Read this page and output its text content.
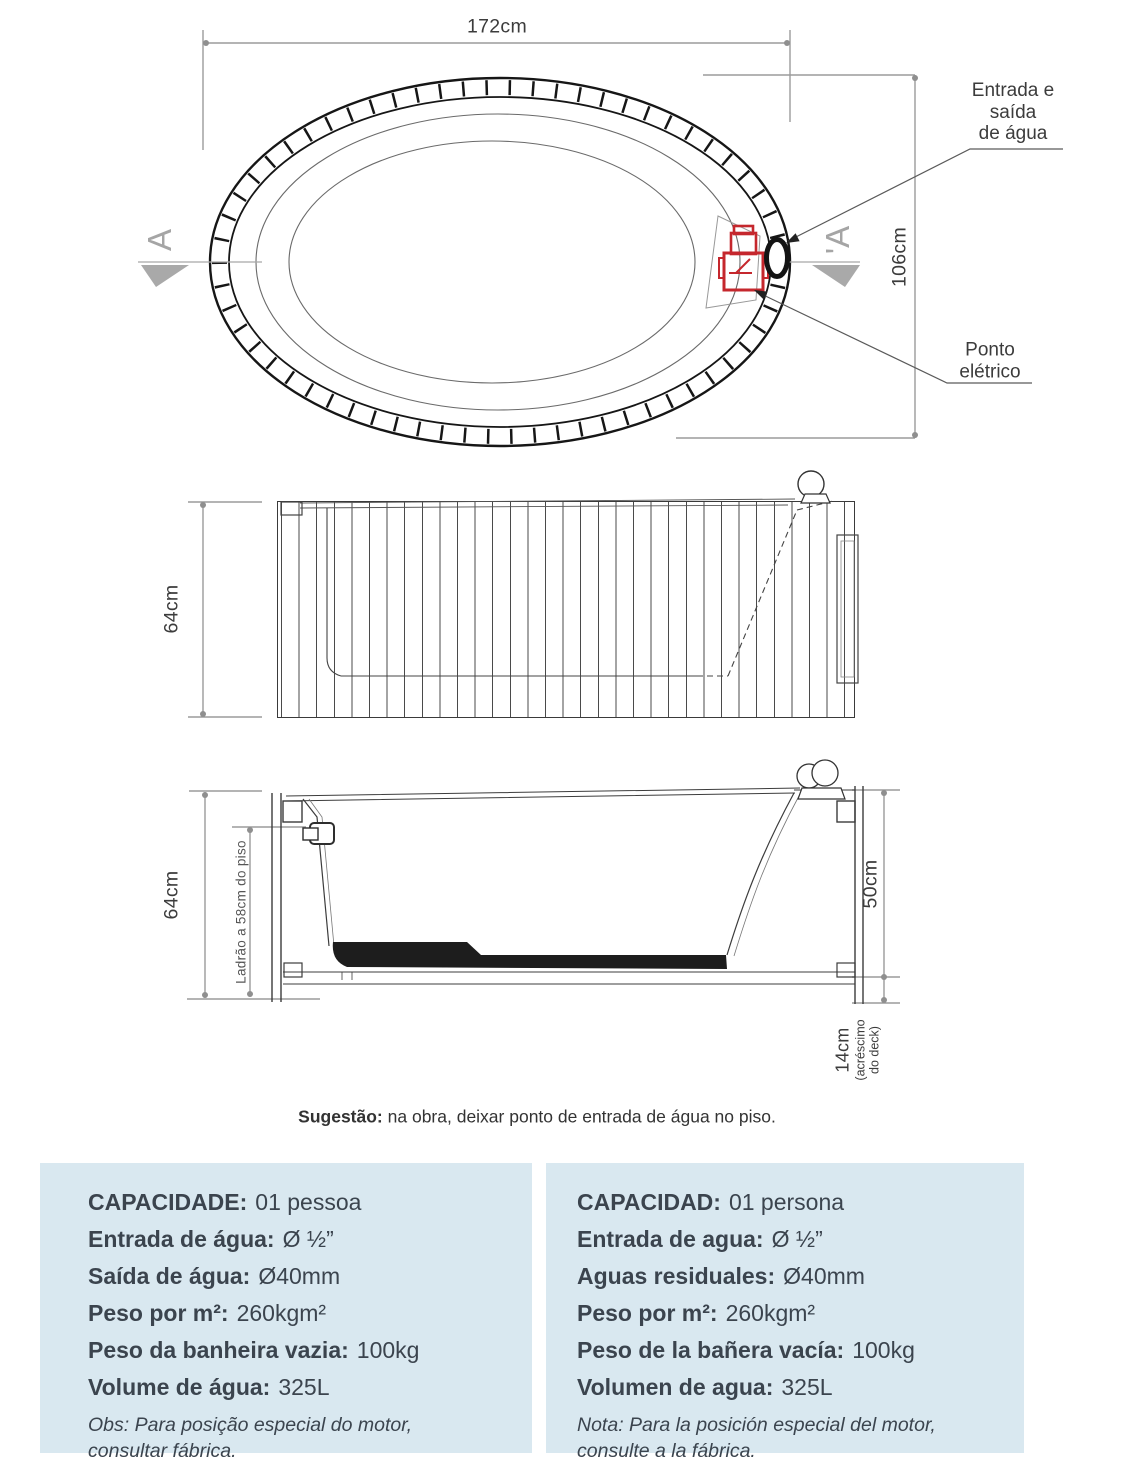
172cm
106cm
Entrada e
saída
de água
Ponto
elétrico
A	'A
64cm
64cm	Ladrão a 58cm do piso	50cm
14cm (acréscimo do deck)
Sugestão: na obra, deixar ponto de entrada de água no piso.
CAPACIDADE: 01 pessoa
Entrada de água: Ø ½”
Saída de água: Ø40mm
Peso por m²: 260kgm²
Peso da banheira vazia: 100kg
Volume de água: 325L
Obs: Para posição especial do motor,
consultar fábrica.
CAPACIDAD: 01 persona
Entrada de agua: Ø ½”
Aguas residuales: Ø40mm
Peso por m²: 260kgm²
Peso de la bañera vacía: 100kg
Volumen de agua: 325L
Nota: Para la posición especial del motor,
consulte a la fábrica.
